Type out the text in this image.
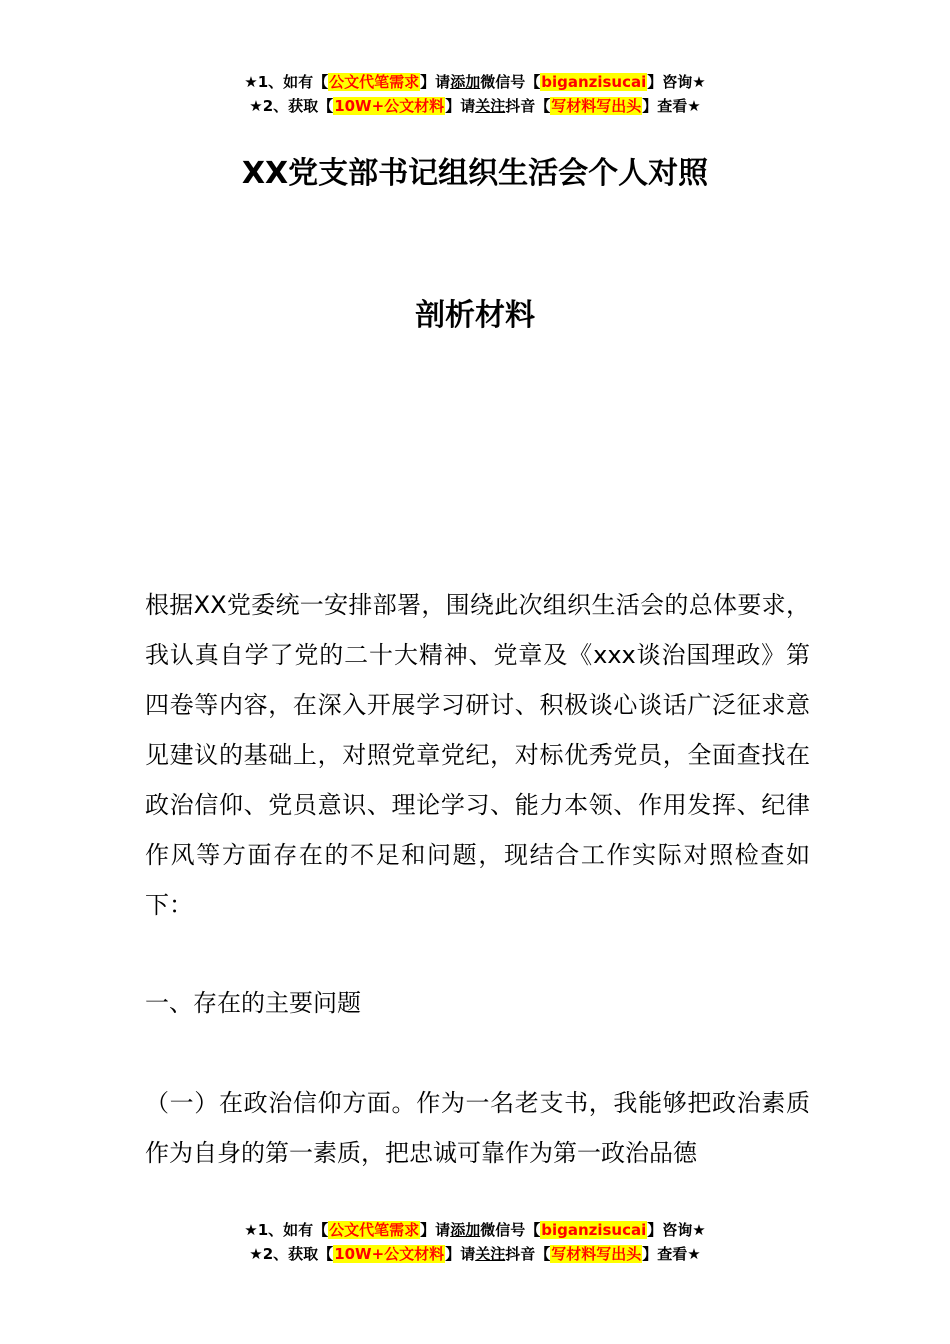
★1、如有【公文代笔需求】请添加微信号【biganzisucai】咨询★
★2、获取【10W+公文材料】请关注抖音【写材料写出头】查看★
XX党支部书记组织生活会个人对照
剖析材料

根据XX党委统一安排部署，围绕此次组织生活会的总体要求，我认真自学了党的二十大精神、党章及《xxx谈治国理政》第四卷等内容，在深入开展学习研讨、积极谈心谈话广泛征求意见建议的基础上，对照党章党纪，对标优秀党员，全面查找在政治信仰、党员意识、理论学习、能力本领、作用发挥、纪律作风等方面存在的不足和问题，现结合工作实际对照检查如下：

一、存在的主要问题

（一）在政治信仰方面。作为一名老支书，我能够把政治素质作为自身的第一素质，把忠诚可靠作为第一政治品德

★1、如有【公文代笔需求】请添加微信号【biganzisucai】咨询★
★2、获取【10W+公文材料】请关注抖音【写材料写出头】查看★
